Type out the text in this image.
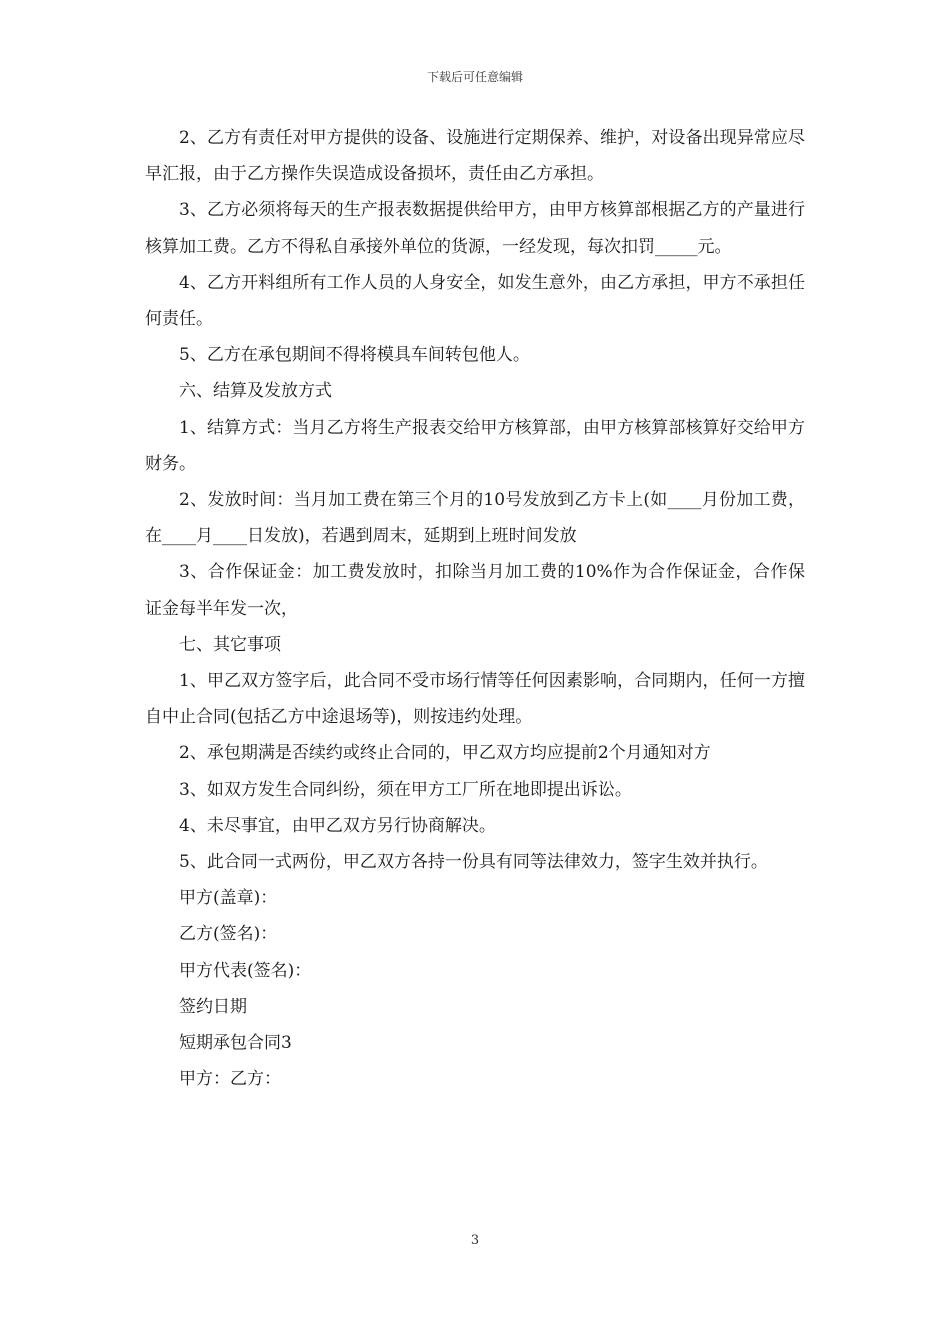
下载后可任意编辑

2、乙方有责任对甲方提供的设备、设施进行定期保养、维护，对设备出现异常应尽早汇报，由于乙方操作失误造成设备损坏，责任由乙方承担。

3、乙方必须将每天的生产报表数据提供给甲方，由甲方核算部根据乙方的产量进行核算加工费。乙方不得私自承接外单位的货源，一经发现，每次扣罚_____元。

4、乙方开料组所有工作人员的人身安全，如发生意外，由乙方承担，甲方不承担任何责任。

5、乙方在承包期间不得将模具车间转包他人。

六、结算及发放方式

1、结算方式：当月乙方将生产报表交给甲方核算部，由甲方核算部核算好交给甲方财务。

2、发放时间：当月加工费在第三个月的10号发放到乙方卡上(如____月份加工费，在____月____日发放)，若遇到周末，延期到上班时间发放

3、合作保证金：加工费发放时，扣除当月加工费的10%作为合作保证金，合作保证金每半年发一次，

七、其它事项

1、甲乙双方签字后，此合同不受市场行情等任何因素影响，合同期内，任何一方擅自中止合同(包括乙方中途退场等)，则按违约处理。

2、承包期满是否续约或终止合同的，甲乙双方均应提前2个月通知对方

3、如双方发生合同纠纷，须在甲方工厂所在地即提出诉讼。

4、未尽事宜，由甲乙双方另行协商解决。

5、此合同一式两份，甲乙双方各持一份具有同等法律效力，签字生效并执行。

甲方(盖章)：

乙方(签名)：

甲方代表(签名)：

签约日期

短期承包合同3

甲方：乙方：

3
